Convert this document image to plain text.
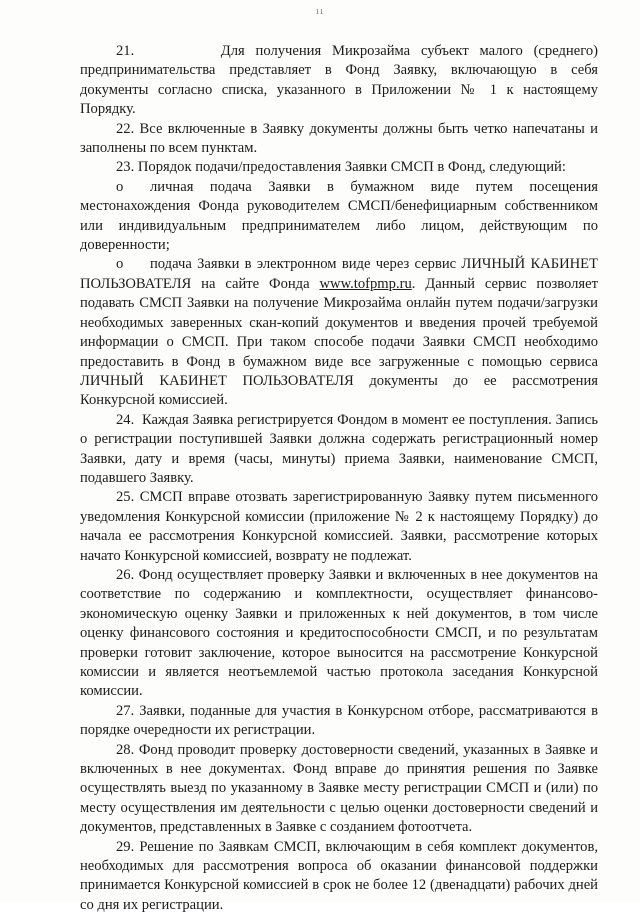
11

21.        Для получения Микрозайма субъект малого (среднего) предпринимательства представляет в Фонд Заявку, включающую в себя документы согласно списка, указанного в Приложении № 1 к настоящему Порядку.

22. Все включенные в Заявку документы должны быть четко напечатаны и заполнены по всем пунктам.

23. Порядок подачи/предоставления Заявки СМСП в Фонд, следующий:

o личная подача Заявки в бумажном виде путем посещения местонахождения Фонда руководителем СМСП/бенефициарным собственником или индивидуальным предпринимателем либо лицом, действующим по доверенности;

o подача Заявки в электронном виде через сервис ЛИЧНЫЙ КАБИНЕТ ПОЛЬЗОВАТЕЛЯ на сайте Фонда www.tofpmp.ru. Данный сервис позволяет подавать СМСП Заявки на получение Микрозайма онлайн путем подачи/загрузки необходимых заверенных скан-копий документов и введения прочей требуемой информации о СМСП. При таком способе подачи Заявки СМСП необходимо предоставить в Фонд в бумажном виде все загруженные с помощью сервиса ЛИЧНЫЙ КАБИНЕТ ПОЛЬЗОВАТЕЛЯ документы до ее рассмотрения Конкурсной комиссией.

24.  Каждая Заявка регистрируется Фондом в момент ее поступления. Запись о регистрации поступившей Заявки должна содержать регистрационный номер Заявки, дату и время (часы, минуты) приема Заявки, наименование СМСП, подавшего Заявку.

25. СМСП вправе отозвать зарегистрированную Заявку путем письменного уведомления Конкурсной комиссии (приложение № 2 к настоящему Порядку) до начала ее рассмотрения Конкурсной комиссией. Заявки, рассмотрение которых начато Конкурсной комиссией, возврату не подлежат.

26. Фонд осуществляет проверку Заявки и включенных в нее документов на соответствие по содержанию и комплектности, осуществляет финансово-экономическую оценку Заявки и приложенных к ней документов, в том числе оценку финансового состояния и кредитоспособности СМСП, и по результатам проверки готовит заключение, которое выносится на рассмотрение Конкурсной комиссии и является неотъемлемой частью протокола заседания Конкурсной комиссии.

27. Заявки, поданные для участия в Конкурсном отборе, рассматриваются в порядке очередности их регистрации.

28. Фонд проводит проверку достоверности сведений, указанных в Заявке и включенных в нее документах. Фонд вправе до принятия решения по Заявке осуществлять выезд по указанному в Заявке месту регистрации СМСП и (или) по месту осуществления им деятельности с целью оценки достоверности сведений и документов, представленных в Заявке с созданием фотоотчета.

29. Решение по Заявкам СМСП, включающим в себя комплект документов, необходимых для рассмотрения вопроса об оказании финансовой поддержки принимается Конкурсной комиссией в срок не более 12 (двенадцати) рабочих дней со дня их регистрации.
